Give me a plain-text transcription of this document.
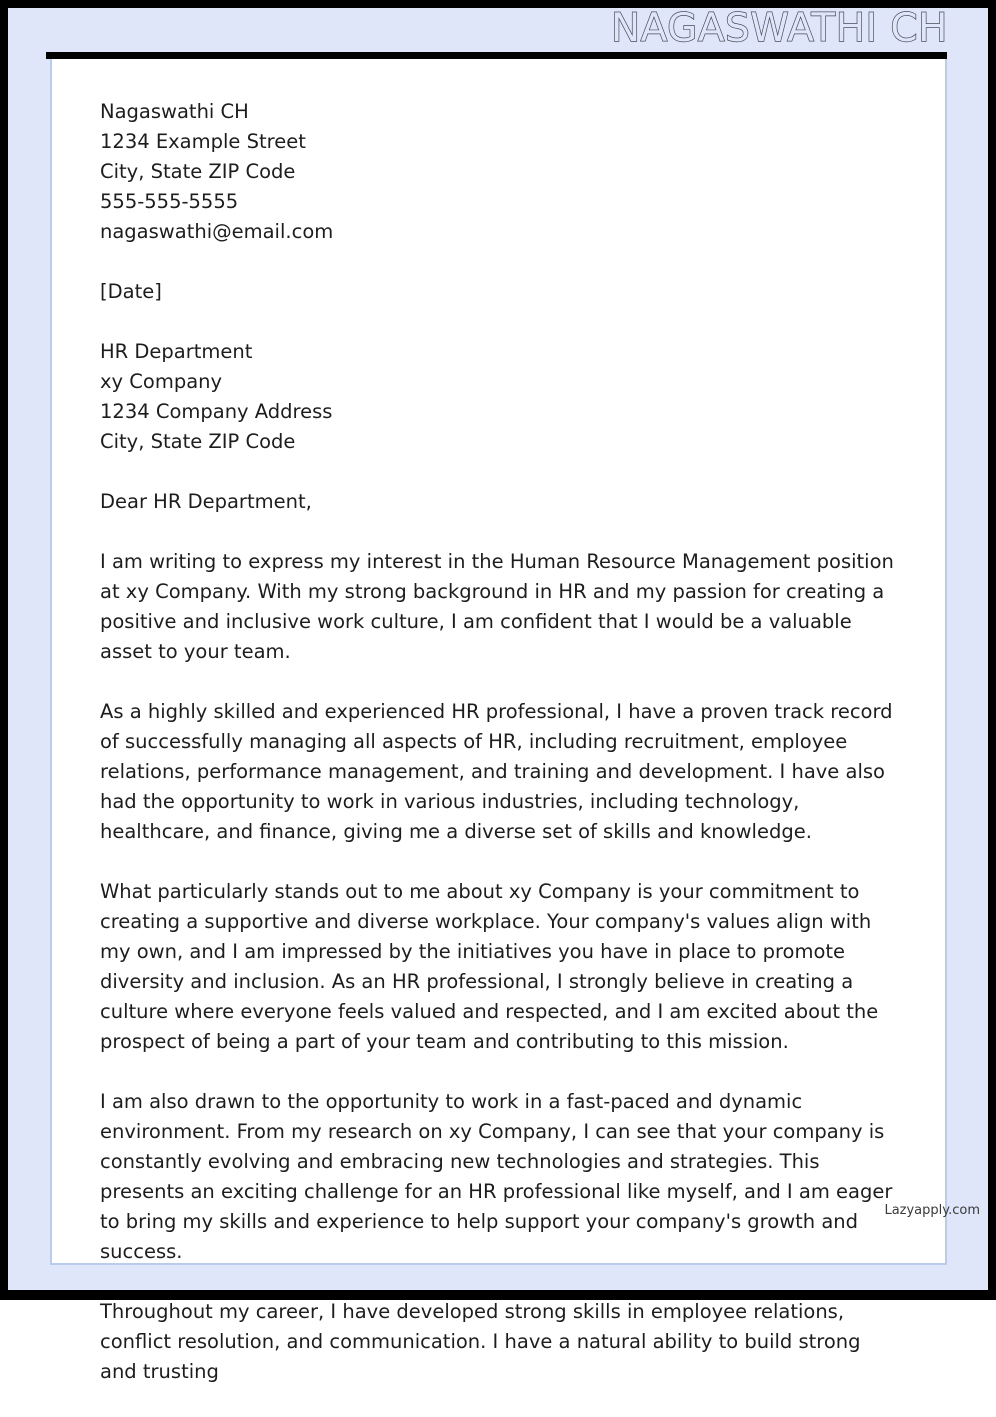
NAGASWATHI CH
Nagaswathi CH
1234 Example Street
City, State ZIP Code
555-555-5555
nagaswathi@email.com
[Date]
HR Department
xy Company
1234 Company Address
City, State ZIP Code
Dear HR Department,

I am writing to express my interest in the Human Resource Management position at xy Company. With my strong background in HR and my passion for creating a positive and inclusive work culture, I am confident that I would be a valuable asset to your team.

As a highly skilled and experienced HR professional, I have a proven track record of successfully managing all aspects of HR, including recruitment, employee relations, performance management, and training and development. I have also had the opportunity to work in various industries, including technology, healthcare, and finance, giving me a diverse set of skills and knowledge.

What particularly stands out to me about xy Company is your commitment to creating a supportive and diverse workplace. Your company's values align with my own, and I am impressed by the initiatives you have in place to promote diversity and inclusion. As an HR professional, I strongly believe in creating a culture where everyone feels valued and respected, and I am excited about the prospect of being a part of your team and contributing to this mission.

I am also drawn to the opportunity to work in a fast-paced and dynamic environment. From my research on xy Company, I can see that your company is constantly evolving and embracing new technologies and strategies. This presents an exciting challenge for an HR professional like myself, and I am eager to bring my skills and experience to help support your company's growth and success.

Throughout my career, I have developed strong skills in employee relations, conflict resolution, and communication. I have a natural ability to build strong and trusting

Lazyapply.com
